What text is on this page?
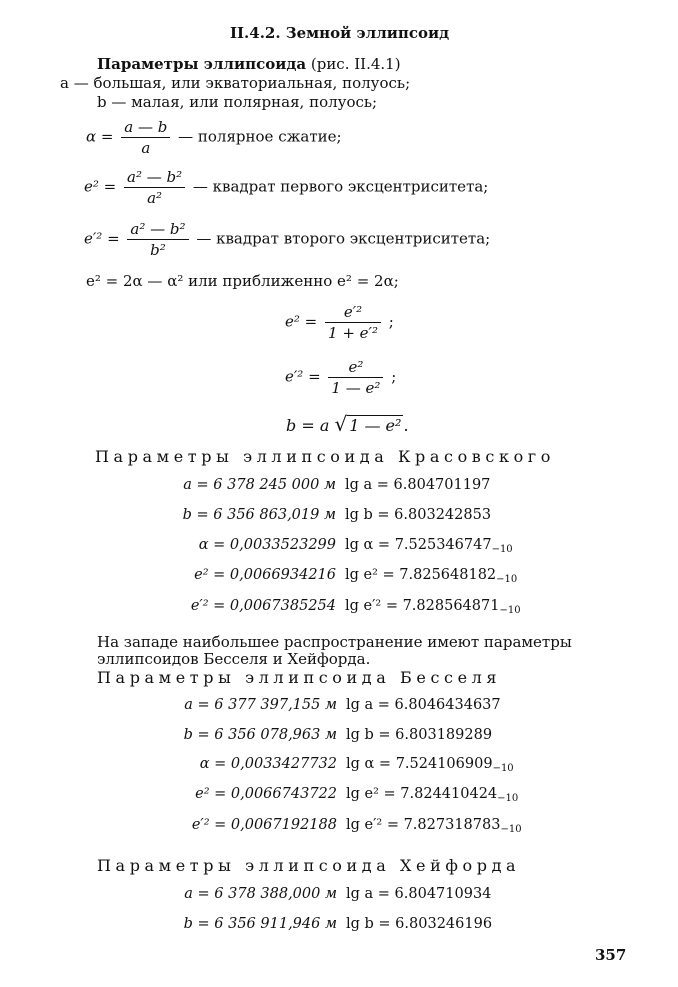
II.4.2. Земной эллипсоид
Параметры эллипсоида (рис. II.4.1)
a — большая, или экваториальная, полуось;
b — малая, или полярная, полуось;
$\alpha = \frac{a — b}{a}$ — полярное сжатие;
$e^2 = \frac{\text{a² — b²}}{\text{a²}}$ — квадрат первого эксцентриситета;
$e'^2 = \frac{\text{a² — b²}}{\text{b²}}$ — квадрат второго эксцентриситета;
e² = 2α — α² или приближенно e² = 2α;
$e^2 = \frac{\text{e′²}}{\text{1 + e′²}}$ ;
$e'^2 = \frac{\text{e²}}{\text{1 — e²}}$ ;
b = a √ 1 — e² .
Параметры эллипсоида Красовского
a = 6 378 245 000 м lg a = 6.804701197
b = 6 356 863,019 м lg b = 6.803242853
α = 0,0033523299 $\lg \alpha = 7.525346747_{-10}$
e² = 0,0066934216 $\lg e^2 = 7.825648182_{-10}$
e′² = 0,0067385254 $\lg e'^2 = 7.828564871_{-10}$
На западе наибольшее распространение имеют параметры эллипсоидов Бесселя и Хейфорда.
Параметры эллипсоида Бесселя
a = 6 377 397,155 м lg a = 6.8046434637
b = 6 356 078,963 м lg b = 6.803189289
α = 0,0033427732 $\lg \alpha = 7.524106909_{-10}$
e² = 0,0066743722 $\lg e^2 = 7.824410424_{-10}$
e′² = 0,0067192188 $\lg e'^2 = 7.827318783_{-10}$
Параметры эллипсоида Хейфорда
a = 6 378 388,000 м lg a = 6.804710934
b = 6 356 911,946 м lg b = 6.803246196
357
